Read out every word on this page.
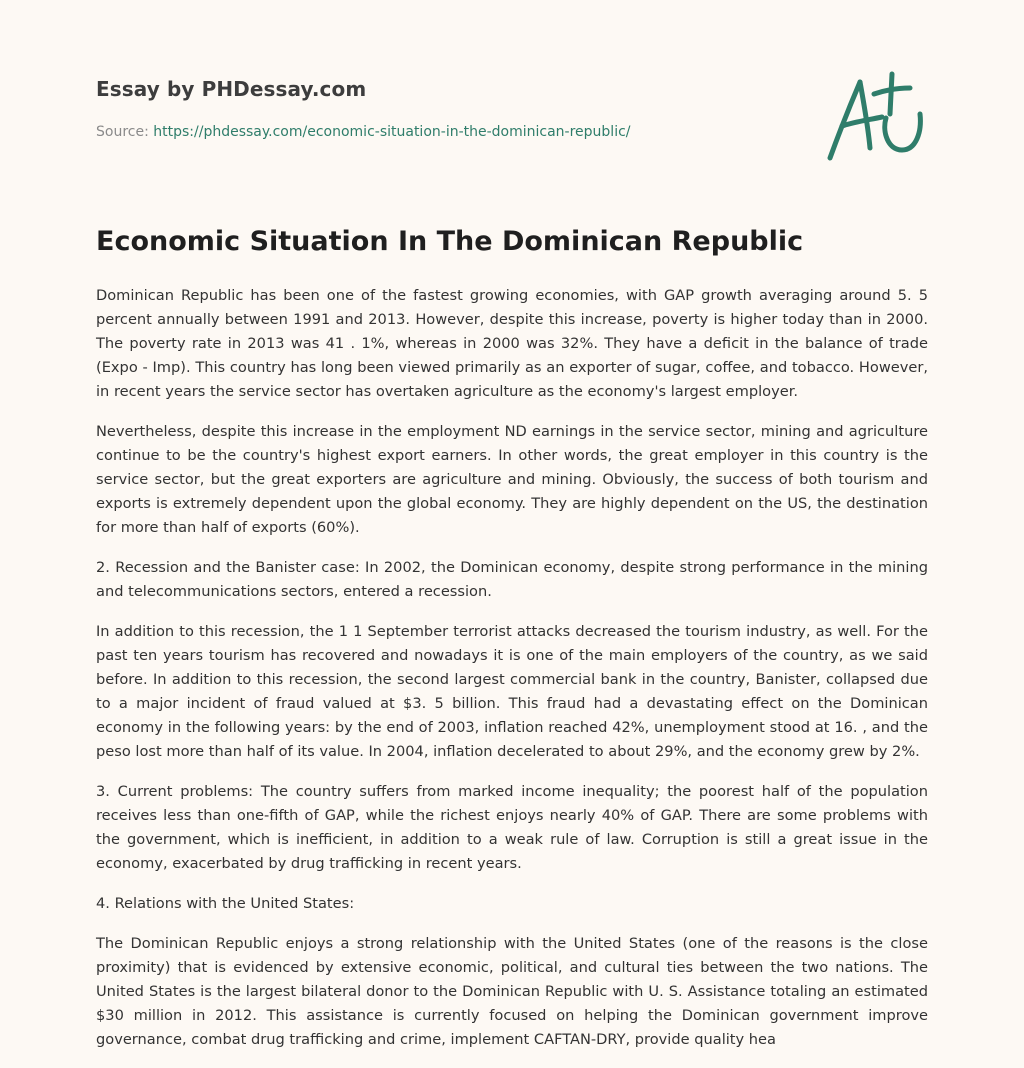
Essay by PHDessay.com
Source: https://phdessay.com/economic-situation-in-the-dominican-republic/
Economic Situation In The Dominican Republic

Dominican Republic has been one of the fastest growing economies, with GAP growth averaging around 5. 5 percent annually between 1991 and 2013. However, despite this increase, poverty is higher today than in 2000. The poverty rate in 2013 was 41 . 1%, whereas in 2000 was 32%. They have a deficit in the balance of trade (Expo - Imp). This country has long been viewed primarily as an exporter of sugar, coffee, and tobacco. However, in recent years the service sector has overtaken agriculture as the economy's largest employer.

Nevertheless, despite this increase in the employment ND earnings in the service sector, mining and agriculture continue to be the country's highest export earners. In other words, the great employer in this country is the service sector, but the great exporters are agriculture and mining. Obviously, the success of both tourism and exports is extremely dependent upon the global economy. They are highly dependent on the US, the destination for more than half of exports (60%).

2. Recession and the Banister case: In 2002, the Dominican economy, despite strong performance in the mining and telecommunications sectors, entered a recession.

In addition to this recession, the 1 1 September terrorist attacks decreased the tourism industry, as well. For the past ten years tourism has recovered and nowadays it is one of the main employers of the country, as we said before. In addition to this recession, the second largest commercial bank in the country, Banister, collapsed due to a major incident of fraud valued at $3. 5 billion. This fraud had a devastating effect on the Dominican economy in the following years: by the end of 2003, inflation reached 42%, unemployment stood at 16. , and the peso lost more than half of its value. In 2004, inflation decelerated to about 29%, and the economy grew by 2%.

3. Current problems: The country suffers from marked income inequality; the poorest half of the population receives less than one-fifth of GAP, while the richest enjoys nearly 40% of GAP. There are some problems with the government, which is inefficient, in addition to a weak rule of law. Corruption is still a great issue in the economy, exacerbated by drug trafficking in recent years.

4. Relations with the United States:

The Dominican Republic enjoys a strong relationship with the United States (one of the reasons is the close proximity) that is evidenced by extensive economic, political, and cultural ties between the two nations. The United States is the largest bilateral donor to the Dominican Republic with U. S. Assistance totaling an estimated $30 million in 2012. This assistance is currently focused on helping the Dominican government improve governance, combat drug trafficking and crime, implement CAFTAN-DRY, provide quality hea
